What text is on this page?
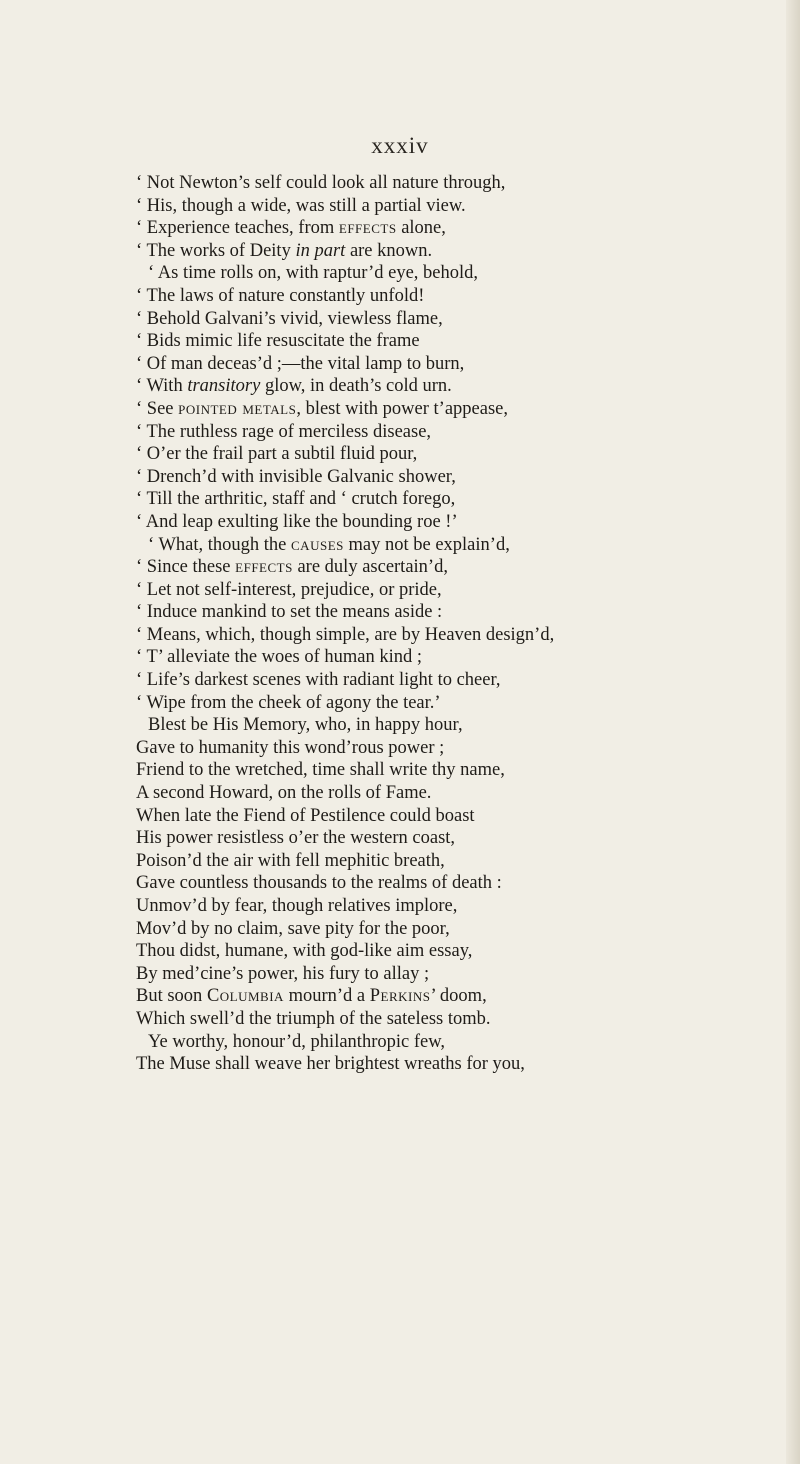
xxxiv
‘ Not Newton’s self could look all nature through,
‘ His, though a wide, was still a partial view.
‘ Experience teaches, from effects alone,
‘ The works of Deity in part are known.
‘ As time rolls on, with raptur’d eye, behold,
‘ The laws of nature constantly unfold!
‘ Behold Galvani’s vivid, viewless flame,
‘ Bids mimic life resuscitate the frame
‘ Of man deceas’d ;—the vital lamp to burn,
‘ With transitory glow, in death’s cold urn.
‘ See pointed metals, blest with power t’appease,
‘ The ruthless rage of merciless disease,
‘ O’er the frail part a subtil fluid pour,
‘ Drench’d with invisible Galvanic shower,
‘ Till the arthritic, staff and ‘ crutch forego,
‘ And leap exulting like the bounding roe !’
‘ What, though the causes may not be explain’d,
‘ Since these effects are duly ascertain’d,
‘ Let not self-interest, prejudice, or pride,
‘ Induce mankind to set the means aside :
‘ Means, which, though simple, are by Heaven design’d,
‘ T’ alleviate the woes of human kind ;
‘ Life’s darkest scenes with radiant light to cheer,
‘ Wipe from the cheek of agony the tear.’
Blest be His Memory, who, in happy hour,
Gave to humanity this wond’rous power ;
Friend to the wretched, time shall write thy name,
A second Howard, on the rolls of Fame.
When late the Fiend of Pestilence could boast
His power resistless o’er the western coast,
Poison’d the air with fell mephitic breath,
Gave countless thousands to the realms of death :
Unmov’d by fear, though relatives implore,
Mov’d by no claim, save pity for the poor,
Thou didst, humane, with god-like aim essay,
By med’cine’s power, his fury to allay ;
But soon Columbia mourn’d a Perkins’ doom,
Which swell’d the triumph of the sateless tomb.
Ye worthy, honour’d, philanthropic few,
The Muse shall weave her brightest wreaths for you,
